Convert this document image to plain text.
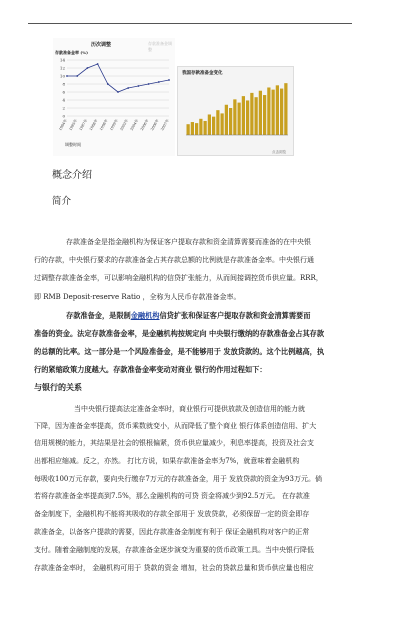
历次调整	存款准备金调整
存款准备金率 (%)
14
12
10
8
6
4
2
0
1984年 1985年 1987年 1988年 1998年 1999年 2003年 2004年 2006年 2006年 2007年
调整时间
我国存款准备金变化
点击浏览
概念介绍
简介

存款准备金是指金融机构为保证客户提取存款和资金清算需要而准备的在中央银

行的存款，中央银行要求的存款准备金占其存款总额的比例就是存款准备金率。中央银行通

过调整存款准备金率，可以影响金融机构的信贷扩张能力，从而间接调控货币供应量。RRR，

即 RMB Deposit-reserve Ratio ，全称为人民币存款准备金率。

存款准备金，是限制金融机构信贷扩张和保证客户提取存款和资金清算需要而

准备的资金。法定存款准备金率，是金融机构按规定向 中央银行缴纳的存款准备金占其存款

的总额的比率。这一部分是一个风险准备金，是不能够用于 发放贷款的。这个比例越高，执

与银行的关系

行的紧缩政策力度越大。存款准备金率变动对商业 银行的作用过程如下：

当中央银行提高法定准备金率时，商业银行可提供放款及创造信用的能力就

下降，因为准备金率提高，货币乘数就变小，从而降低了整个商业 银行体系创造信用、扩大

信用规模的能力，其结果是社会的银根偏紧，货币供应量减少，利息率提高，投资及社会支

出都相应缩减。反之，亦然。 打比方说，如果存款准备金率为7%，就意味着金融机构

每吸收100万元存款，要向央行缴存7万元的存款准备金，用于 发放贷款的资金为93万元。倘

若将存款准备金率提高到7.5%，那么金融机构的可贷 资金将减少到92.5万元。 在存款准

备金制度下，金融机构不能将其吸收的存款全部用于 发放贷款，必须保留一定的资金即存

款准备金，以备客户提款的需要，因此存款准备金制度有利于 保证金融机构对客户的正常

支付。随着金融制度的发展，存款准备金逐步演变为重要的货币政策工具。当中央银行降低

存款准备金率时， 金融机构可用于 贷款的资金 增加，社会的贷款总量和货币供应量也相应
